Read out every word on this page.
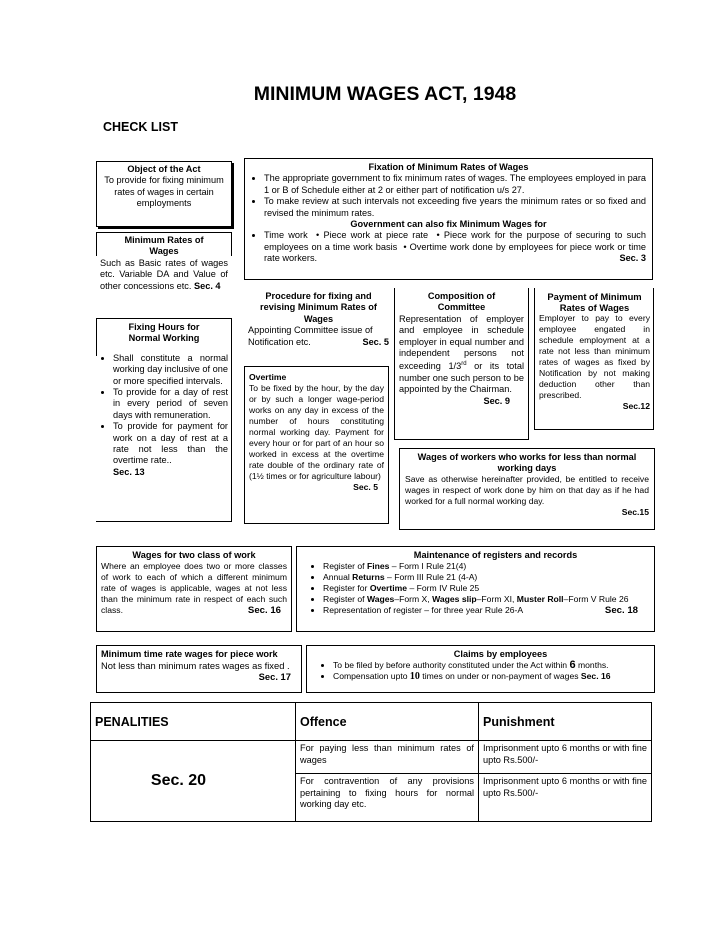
MINIMUM WAGES ACT, 1948
CHECK LIST
Object of the Act
To provide for fixing minimum rates of wages in certain employments
Fixation of Minimum Rates of Wages
• The appropriate government to fix minimum rates of wages. The employees employed in para 1 or B of Schedule either at 2 or either part of notification u/s 27.
• To make review at such intervals not exceeding five years the minimum rates or so fixed and revised the minimum rates.
Government can also fix Minimum Wages for
• Time work  • Piece work at piece rate  • Piece work for the purpose of securing to such employees on a time work basis  • Overtime work done by employees for piece work or time rate workers.	Sec. 3
Minimum Rates of Wages
Such as Basic rates of wages etc. Variable DA and Value of other concessions etc. Sec. 4
Fixing Hours for Normal Working
• Shall constitute a normal working day inclusive of one or more specified intervals.
• To provide for a day of rest in every period of seven days with remuneration.
• To provide for payment for work on a day of rest at a rate not less than the overtime rate..
Sec. 13
Procedure for fixing and revising Minimum Rates of Wages
Appointing Committee issue of Notification etc.	Sec. 5
Composition of Committee
Representation of employer and employee in schedule employer in equal number and independent persons not exceeding 1/3rd or its total number one such person to be appointed by the Chairman.
Sec. 9
Payment of Minimum Rates of Wages
Employer to pay to every employee engated in schedule employment at a rate not less than minimum rates of wages as fixed by Notification by not making deduction other than prescribed.
Sec.12
Overtime
To be fixed by the hour, by the day or by such a longer wage-period works on any day in excess of the number of hours constituting normal working day. Payment for every hour or for part of an hour so worked in excess at the overtime rate double of the ordinary rate of (1½ times or for agriculture labour)
Sec. 5
Wages of workers who works for less than normal working days
Save as otherwise hereinafter provided, be entitled to receive wages in respect of work done by him on that day as if he had worked for a full normal working day.
Sec.15
Wages for two class of work
Where an employee does two or more classes of work to each of which a different minimum rate of wages is applicable, wages at not less than the minimum rate in respect of each such class.	Sec. 16
Maintenance of registers and records
• Register of Fines – Form I Rule 21(4)
• Annual Returns – Form III Rule 21 (4-A)
• Register for Overtime – Form IV Rule 25
• Register of Wages–Form X, Wages slip–Form XI, Muster Roll–Form V Rule 26
• Representation of register – for three year Rule 26-A	Sec. 18
Minimum time rate wages for piece work
Not less than minimum rates wages as fixed .
Sec. 17
Claims by employees
• To be filed by before authority constituted under the Act within 6 months.
• Compensation upto 10 times on under or non-payment of wages Sec. 16
PENALITIES	Offence	Punishment
Sec. 20	For paying less than minimum rates of wages	Imprisonment upto 6 months or with fine upto Rs.500/-
	For contravention of any provisions pertaining to fixing hours for normal working day etc.	Imprisonment upto 6 months or with fine upto Rs.500/-
